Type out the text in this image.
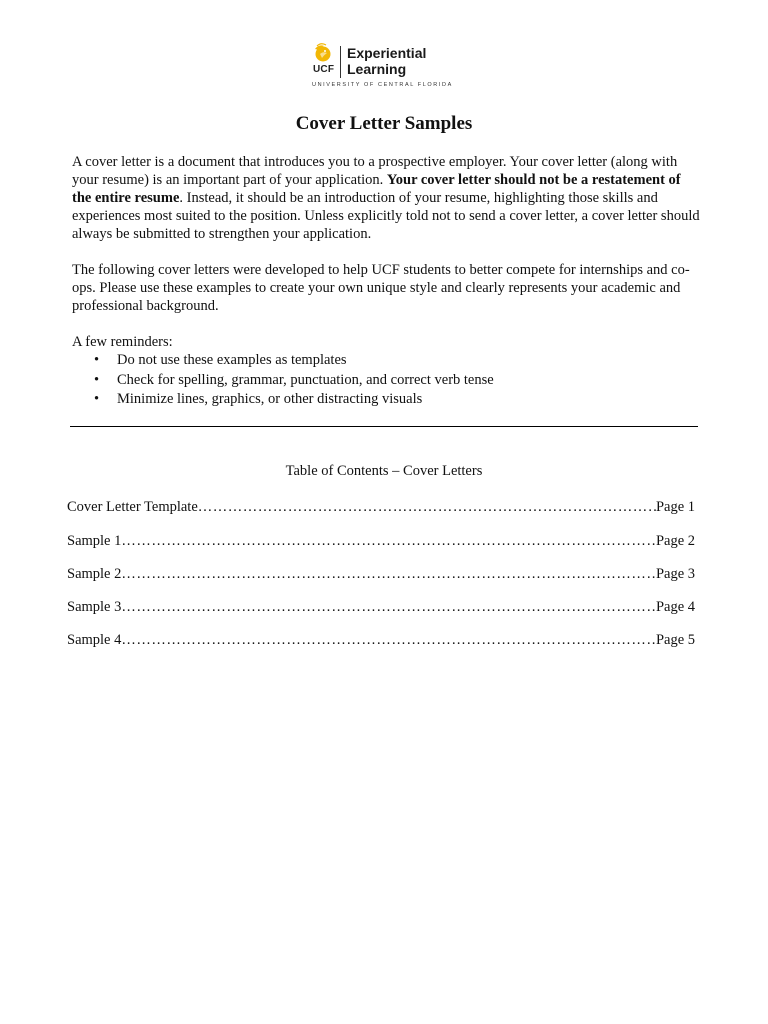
UCF
Experiential
Learning
UNIVERSITY OF CENTRAL FLORIDA
Cover Letter Samples

A cover letter is a document that introduces you to a prospective employer. Your cover letter (along with your resume) is an important part of your application. Your cover letter should not be a restatement of the entire resume. Instead, it should be an introduction of your resume, highlighting those skills and experiences most suited to the position. Unless explicitly told not to send a cover letter, a cover letter should always be submitted to strengthen your application.

The following cover letters were developed to help UCF students to better compete for internships and co-ops. Please use these examples to create your own unique style and clearly represents your academic and professional background.

A few reminders:

• Do not use these examples as templates
• Check for spelling, grammar, punctuation, and correct verb tense
• Minimize lines, graphics, or other distracting visuals

Table of Contents – Cover Letters

Cover Letter Template ………………………………………………………………………………………………………………………………………………………………	Page 1
Sample 1 ………………………………………………………………………………………………………………………………………………………………	Page 2
Sample 2 ………………………………………………………………………………………………………………………………………………………………	Page 3
Sample 3 ………………………………………………………………………………………………………………………………………………………………	Page 4
Sample 4 ………………………………………………………………………………………………………………………………………………………………	Page 5
